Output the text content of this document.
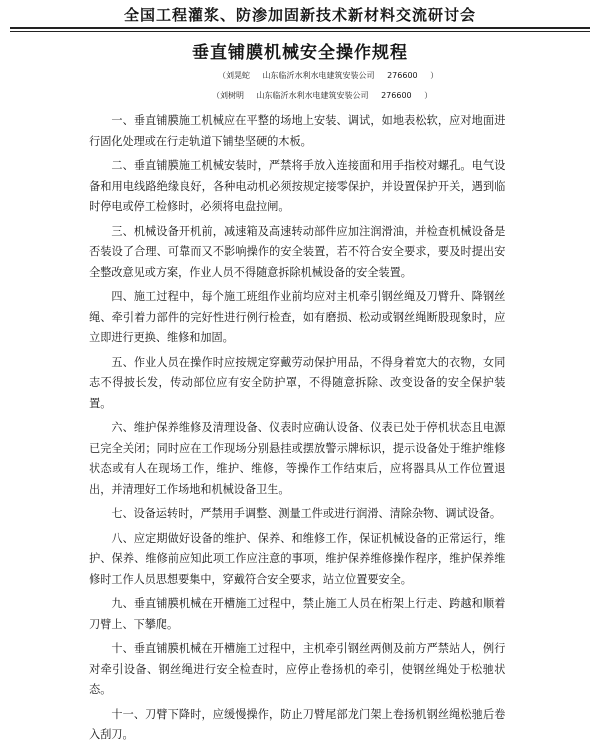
全国工程灌浆、防渗加固新技术新材料交流研讨会
垂直铺膜机械安全操作规程
（刘晃蛇 山东临沂水利水电建筑安装公司 276600 ）
（刘树明 山东临沂水利水电建筑安装公司 276600 ）

一、垂直铺膜施工机械应在平整的场地上安装、调试，如地表松软，应对地面进行固化处理或在行走轨道下铺垫坚硬的木板。

二、垂直铺膜施工机械安装时，严禁将手放入连接面和用手指校对螺孔。电气设备和用电线路绝缘良好，各种电动机必须按规定接零保护，并设置保护开关，遇到临时停电或停工检修时，必须将电盘拉闸。

三、机械设备开机前，减速箱及高速转动部件应加注润滑油，并检查机械设备是否装设了合理、可靠而又不影响操作的安全装置，若不符合安全要求，要及时提出安全整改意见或方案，作业人员不得随意拆除机械设备的安全装置。

四、施工过程中，每个施工班组作业前均应对主机牵引钢丝绳及刀臂升、降钢丝绳、牵引着力部件的完好性进行例行检查，如有磨损、松动或钢丝绳断股现象时，应立即进行更换、维修和加固。

五、作业人员在操作时应按规定穿戴劳动保护用品，不得身着宽大的衣物，女同志不得披长发，传动部位应有安全防护罩，不得随意拆除、改变设备的安全保护装置。

六、维护保养维修及清理设备、仪表时应确认设备、仪表已处于停机状态且电源已完全关闭；同时应在工作现场分别悬挂或摆放警示牌标识，提示设备处于维护维修状态或有人在现场工作，维护、维修，等操作工作结束后，应将器具从工作位置退出，并清理好工作场地和机械设备卫生。

七、设备运转时，严禁用手调整、测量工件或进行润滑、清除杂物、调试设备。

八、应定期做好设备的维护、保养、和维修工作，保证机械设备的正常运行，维护、保养、维修前应知此项工作应注意的事项，维护保养维修操作程序，维护保养维修时工作人员思想要集中，穿戴符合安全要求，站立位置要安全。

九、垂直铺膜机械在开槽施工过程中，禁止施工人员在桁架上行走、跨越和顺着刀臂上、下攀爬。

十、垂直铺膜机械在开槽施工过程中，主机牵引钢丝两侧及前方严禁站人，例行对牵引设备、钢丝绳进行安全检查时，应停止卷扬机的牵引，使钢丝绳处于松驰状态。

十一、刀臂下降时，应缓慢操作，防止刀臂尾部龙门架上卷扬机钢丝绳松驰后卷入刮刀。
